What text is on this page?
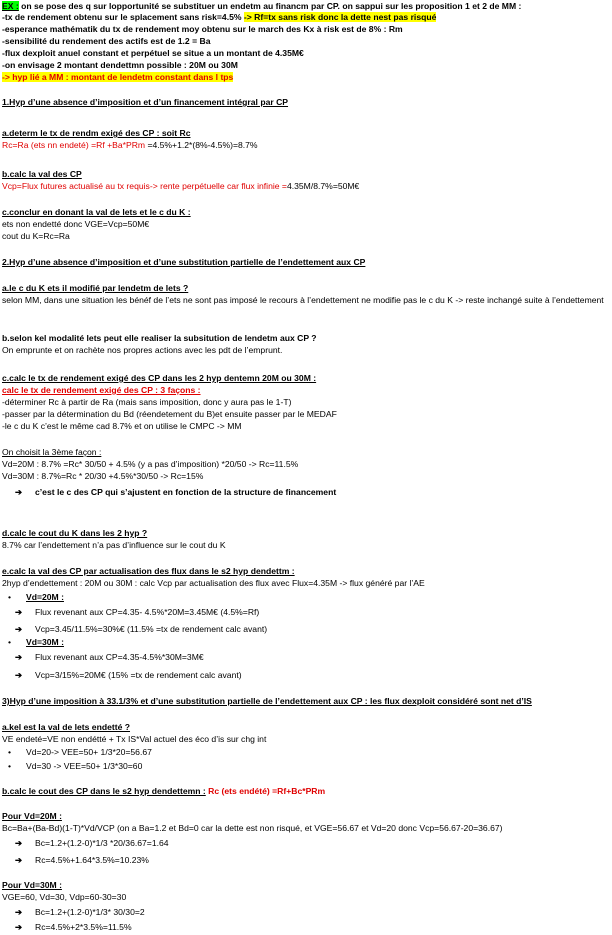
EX : on se pose des q sur lopportunité se substituer un endetm au financm par CP. on sappui sur les proposition 1 et 2 de MM :
-tx de rendement obtenu sur le splacement sans risk=4.5% -> Rf=tx sans risk donc la dette nest pas risqué
-esperance mathématik du tx de rendement moy obtenu sur le march des Kx à risk est de 8% : Rm
-sensibilité du rendement des actifs est de 1.2 = Ba
-flux dexploit anuel constant et perpétuel se situe a un montant de 4.35M€
-on envisage 2 montant dendettmn possible : 20M ou 30M
-> hyp lié a MM : montant de lendetm constant dans l tps
1.Hyp d’une absence d’imposition et d’un financement intégral par CP
a.determ le tx de rendm exigé des CP : soit Rc
Rc=Ra (ets nn endeté) =Rf +Ba*PRm =4.5%+1.2*(8%-4.5%)=8.7%
b.calc la val des CP
Vcp=Flux futures actualisé au tx requis-> rente perpétuelle car flux infinie =4.35M/8.7%=50M€
c.conclur en donant la val de lets et le c du K :
ets non endetté donc VGE=Vcp=50M€
cout du K=Rc=Ra
2.Hyp d’une absence d’imposition et d’une substitution partielle de l’endettement aux CP
a.le c du K ets il modifié par lendetm de lets ?
selon MM, dans une situation les bénéf de l’ets ne sont pas imposé le recours à l’endettement ne modifie pas le c du K -> reste inchangé suite à l’endettement
b.selon kel modalité lets peut elle realiser la subsitution de lendetm aux CP ?
On emprunte et on rachète nos propres actions avec les pdt de l’emprunt.
c.calc le tx de rendement exigé des CP dans les 2 hyp dentemn 20M ou 30M :
calc le tx de rendement exigé des CP : 3 façons :
-déterminer Rc à partir de Ra (mais sans imposition, donc y aura pas le 1-T)
-passer par la détermination du Bd (réendetement du B)et ensuite passer par le MEDAF
-le c du K c’est le même cad 8.7% et on utilise le CMPC -> MM
On choisit la 3ème façon :
Vd=20M : 8.7% =Rc* 30/50 + 4.5% (y a pas d’imposition) *20/50 -> Rc=11.5%
Vd=30M : 8.7%=Rc * 20/30 +4.5%*30/50 -> Rc=15%
➔ c’est le c des CP qui s’ajustent en fonction de la structure de financement
d.calc le cout du K dans les 2 hyp ?
8.7% car l’endettement n’a pas d’influence sur le cout du K
e.calc la val des CP par actualisation des flux dans le s2 hyp dendettm :
2hyp d’endettement : 20M ou 30M : calc Vcp par actualisation des flux avec Flux=4.35M -> flux généré par l’AE
• Vd=20M :
➔ Flux revenant aux CP=4.35- 4.5%*20M=3.45M€ (4.5%=Rf)
➔ Vcp=3.45/11.5%=30%€ (11.5% =tx de rendement calc avant)
• Vd=30M :
➔ Flux revenant aux CP=4.35-4.5%*30M=3M€
➔ Vcp=3/15%=20M€ (15% =tx de rendement calc avant)
3)Hyp d’une imposition à 33.1/3% et d’une substitution partielle de l’endettement aux CP : les flux dexploit considéré sont net d’IS
a.kel est la val de lets endetté ?
VE endeté=VE non endétté + Tx IS*Val actuel des éco d’is sur chg int
• Vd=20-> VEE=50+ 1/3*20=56.67
• Vd=30 -> VEE=50+ 1/3*30=60
b.calc le cout des CP dans le s2 hyp dendettemn : Rc (ets endété) =Rf+Bc*PRm
Pour Vd=20M :
Bc=Ba+(Ba-Bd)(1-T)*Vd/VCP (on a Ba=1.2 et Bd=0 car la dette est non risqué, et VGE=56.67 et Vd=20 donc Vcp=56.67-20=36.67)
➔ Bc=1.2+(1.2-0)*1/3 *20/36.67=1.64
➔ Rc=4.5%+1.64*3.5%=10.23%
Pour Vd=30M :
VGE=60, Vd=30, Vdp=60-30=30
➔ Bc=1.2+(1.2-0)*1/3* 30/30=2
➔ Rc=4.5%+2*3.5%=11.5%
